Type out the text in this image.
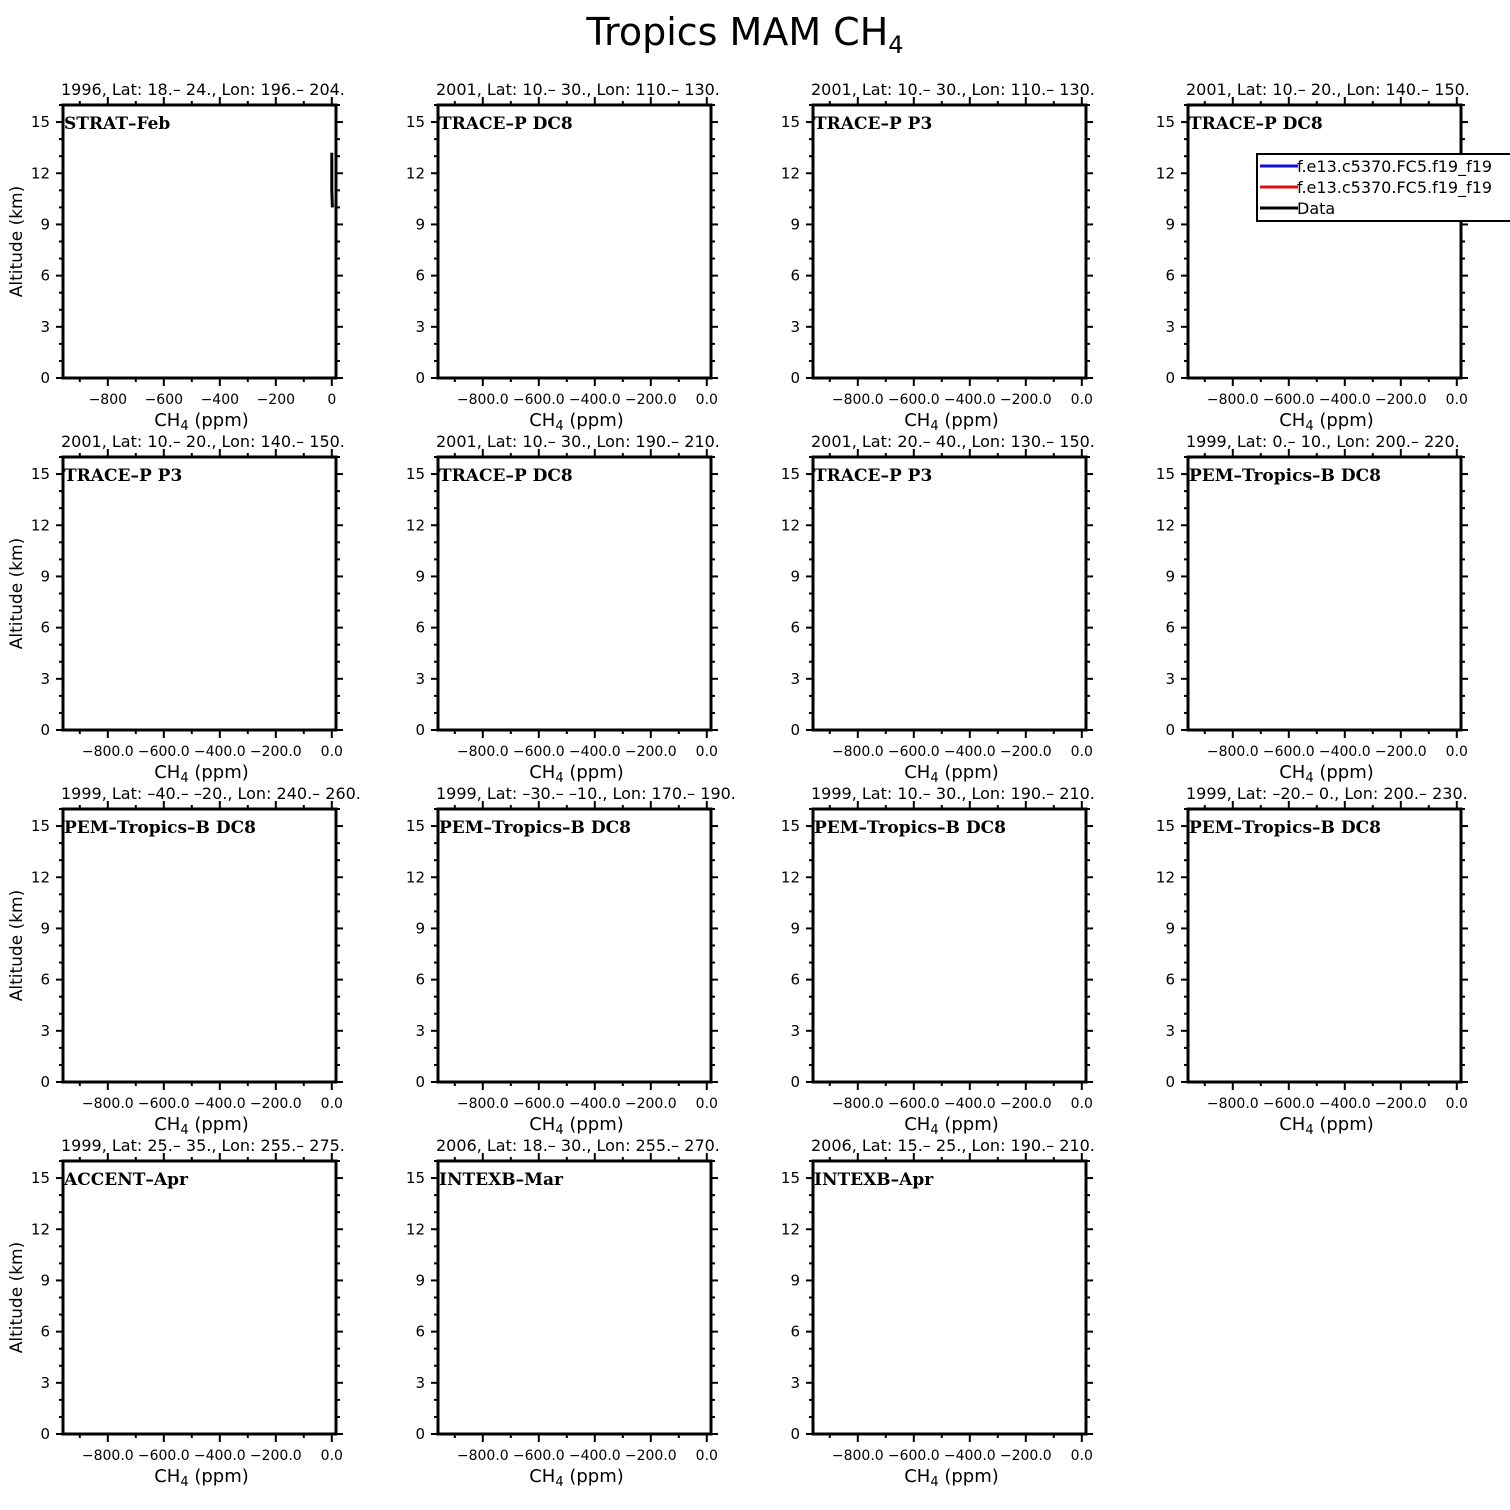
Tropics MAM $CH_4$
1996, Lat: 18.– 24., Lon: 196.– 204.
STRAT–Feb
0
3
6
9
12
15
−800 −600 −400 −200 0
$CH_4$ (ppm)
Altitude (km)
2001, Lat: 10.– 30., Lon: 110.– 130.
TRACE–P DC8
0
3
6
9
12
15
−800.0 −600.0 −400.0 −200.0 0.0
$CH_4$ (ppm)
2001, Lat: 10.– 30., Lon: 110.– 130.
TRACE–P P3
0
3
6
9
12
15
−800.0 −600.0 −400.0 −200.0 0.0
$CH_4$ (ppm)
2001, Lat: 10.– 20., Lon: 140.– 150.
TRACE–P DC8
0
3
6
9
12
15
−800.0 −600.0 −400.0 −200.0 0.0
$CH_4$ (ppm)
2001, Lat: 10.– 20., Lon: 140.– 150.
TRACE–P P3
0
3
6
9
12
15
−800.0 −600.0 −400.0 −200.0 0.0
$CH_4$ (ppm)
Altitude (km)
2001, Lat: 10.– 30., Lon: 190.– 210.
TRACE–P DC8
0
3
6
9
12
15
−800.0 −600.0 −400.0 −200.0 0.0
$CH_4$ (ppm)
2001, Lat: 20.– 40., Lon: 130.– 150.
TRACE–P P3
0
3
6
9
12
15
−800.0 −600.0 −400.0 −200.0 0.0
$CH_4$ (ppm)
1999, Lat: 0.– 10., Lon: 200.– 220.
PEM–Tropics–B DC8
0
3
6
9
12
15
−800.0 −600.0 −400.0 −200.0 0.0
$CH_4$ (ppm)
1999, Lat: –40.– –20., Lon: 240.– 260.
PEM–Tropics–B DC8
0
3
6
9
12
15
−800.0 −600.0 −400.0 −200.0 0.0
$CH_4$ (ppm)
Altitude (km)
1999, Lat: –30.– –10., Lon: 170.– 190.
PEM–Tropics–B DC8
0
3
6
9
12
15
−800.0 −600.0 −400.0 −200.0 0.0
$CH_4$ (ppm)
1999, Lat: 10.– 30., Lon: 190.– 210.
PEM–Tropics–B DC8
0
3
6
9
12
15
−800.0 −600.0 −400.0 −200.0 0.0
$CH_4$ (ppm)
1999, Lat: –20.– 0., Lon: 200.– 230.
PEM–Tropics–B DC8
0
3
6
9
12
15
−800.0 −600.0 −400.0 −200.0 0.0
$CH_4$ (ppm)
1999, Lat: 25.– 35., Lon: 255.– 275.
ACCENT–Apr
0
3
6
9
12
15
−800.0 −600.0 −400.0 −200.0 0.0
$CH_4$ (ppm)
Altitude (km)
2006, Lat: 18.– 30., Lon: 255.– 270.
INTEXB–Mar
0
3
6
9
12
15
−800.0 −600.0 −400.0 −200.0 0.0
$CH_4$ (ppm)
2006, Lat: 15.– 25., Lon: 190.– 210.
INTEXB–Apr
0
3
6
9
12
15
−800.0 −600.0 −400.0 −200.0 0.0
$CH_4$ (ppm)
f.e13.c5370.FC5.f19_f19
f.e13.c5370.FC5.f19_f19
Data
